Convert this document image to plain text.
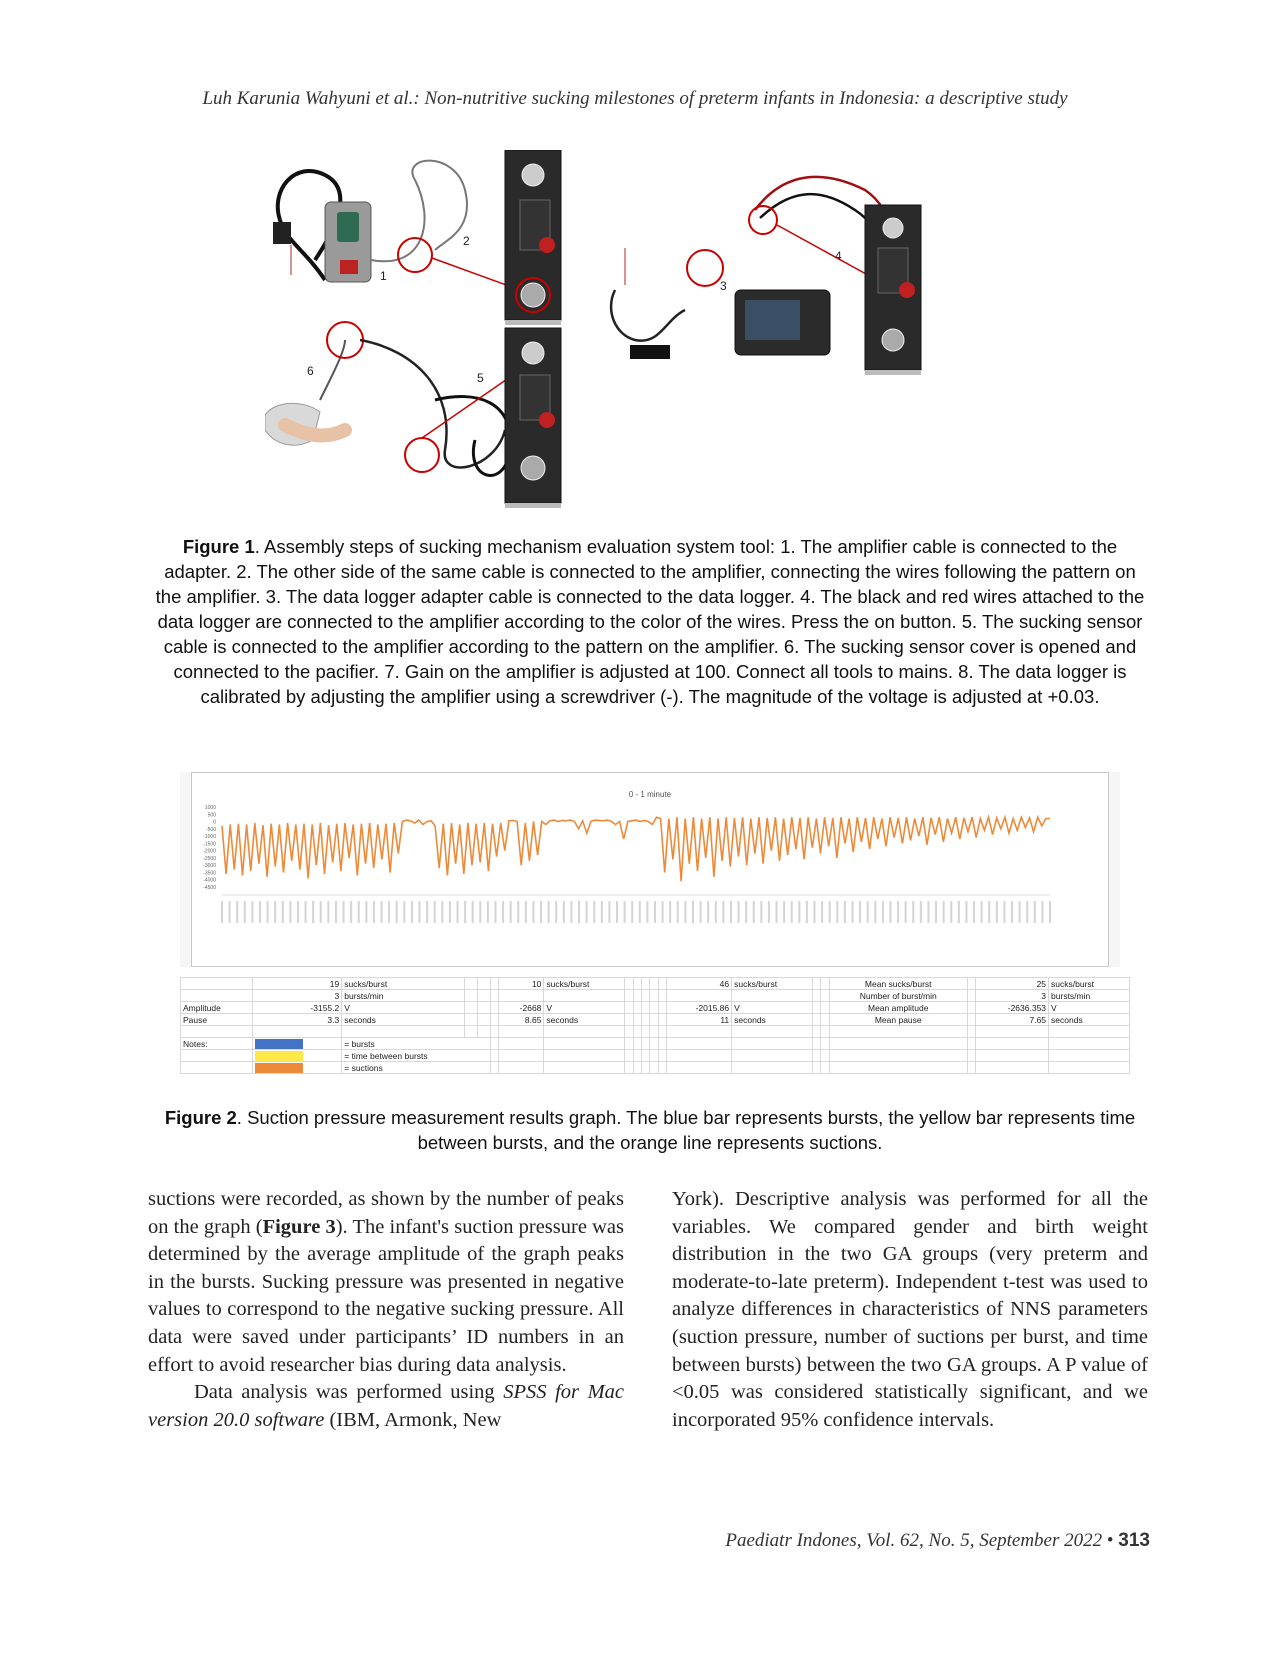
Luh Karunia Wahyuni et al.: Non-nutritive sucking milestones of preterm infants in Indonesia: a descriptive study
1
2
6	5
3
4
Figure 1. Assembly steps of sucking mechanism evaluation system tool: 1. The amplifier cable is connected to the adapter. 2. The other side of the same cable is connected to the amplifier, connecting the wires following the pattern on the amplifier. 3. The data logger adapter cable is connected to the data logger. 4. The black and red wires attached to the data logger are connected to the amplifier according to the color of the wires. Press the on button. 5. The sucking sensor cable is connected to the amplifier according to the pattern on the amplifier. 6. The sucking sensor cover is opened and connected to the pacifier. 7. Gain on the amplifier is adjusted at 100. Connect all tools to mains. 8. The data logger is calibrated by adjusting the amplifier using a screwdriver (-). The magnitude of the voltage is adjusted at +0.03.
0 - 1 minute
1000
500
0
-500
-1000
-1500
-2000
-2500
-3000
-3500
-4000
-4500
	19	sucks/burst				10	sucks/burst						46	sucks/burst			Mean sucks/burst		25	sucks/burst
	3	bursts/min															Number of burst/min		3	bursts/min
Amplitude	-3155.2	V				-2668	V						-2015.86	V			Mean amplitude		-2636.353	V
Pause	3.3	seconds				8.65	seconds						11	seconds			Mean pause		7.65	seconds

Notes:		= bursts																		
		= time between bursts																		
		= suctions																		
Figure 2. Suction pressure measurement results graph. The blue bar represents bursts, the yellow bar represents time between bursts, and the orange line represents suctions.

suctions were recorded, as shown by the number of peaks on the graph (Figure 3). The infant's suction pressure was determined by the average amplitude of the graph peaks in the bursts. Sucking pressure was presented in negative values to correspond to the negative sucking pressure. All data were saved under participants’ ID numbers in an effort to avoid researcher bias during data analysis.

Data analysis was performed using SPSS for Mac version 20.0 software (IBM, Armonk, New

York). Descriptive analysis was performed for all the variables. We compared gender and birth weight distribution in the two GA groups (very preterm and moderate-to-late preterm). Independent t-test was used to analyze differences in characteristics of NNS parameters (suction pressure, number of suctions per burst, and time between bursts) between the two GA groups. A P value of <0.05 was considered statistically significant, and we incorporated 95% confidence intervals.

Paediatr Indones, Vol. 62, No. 5, September 2022 • 313
